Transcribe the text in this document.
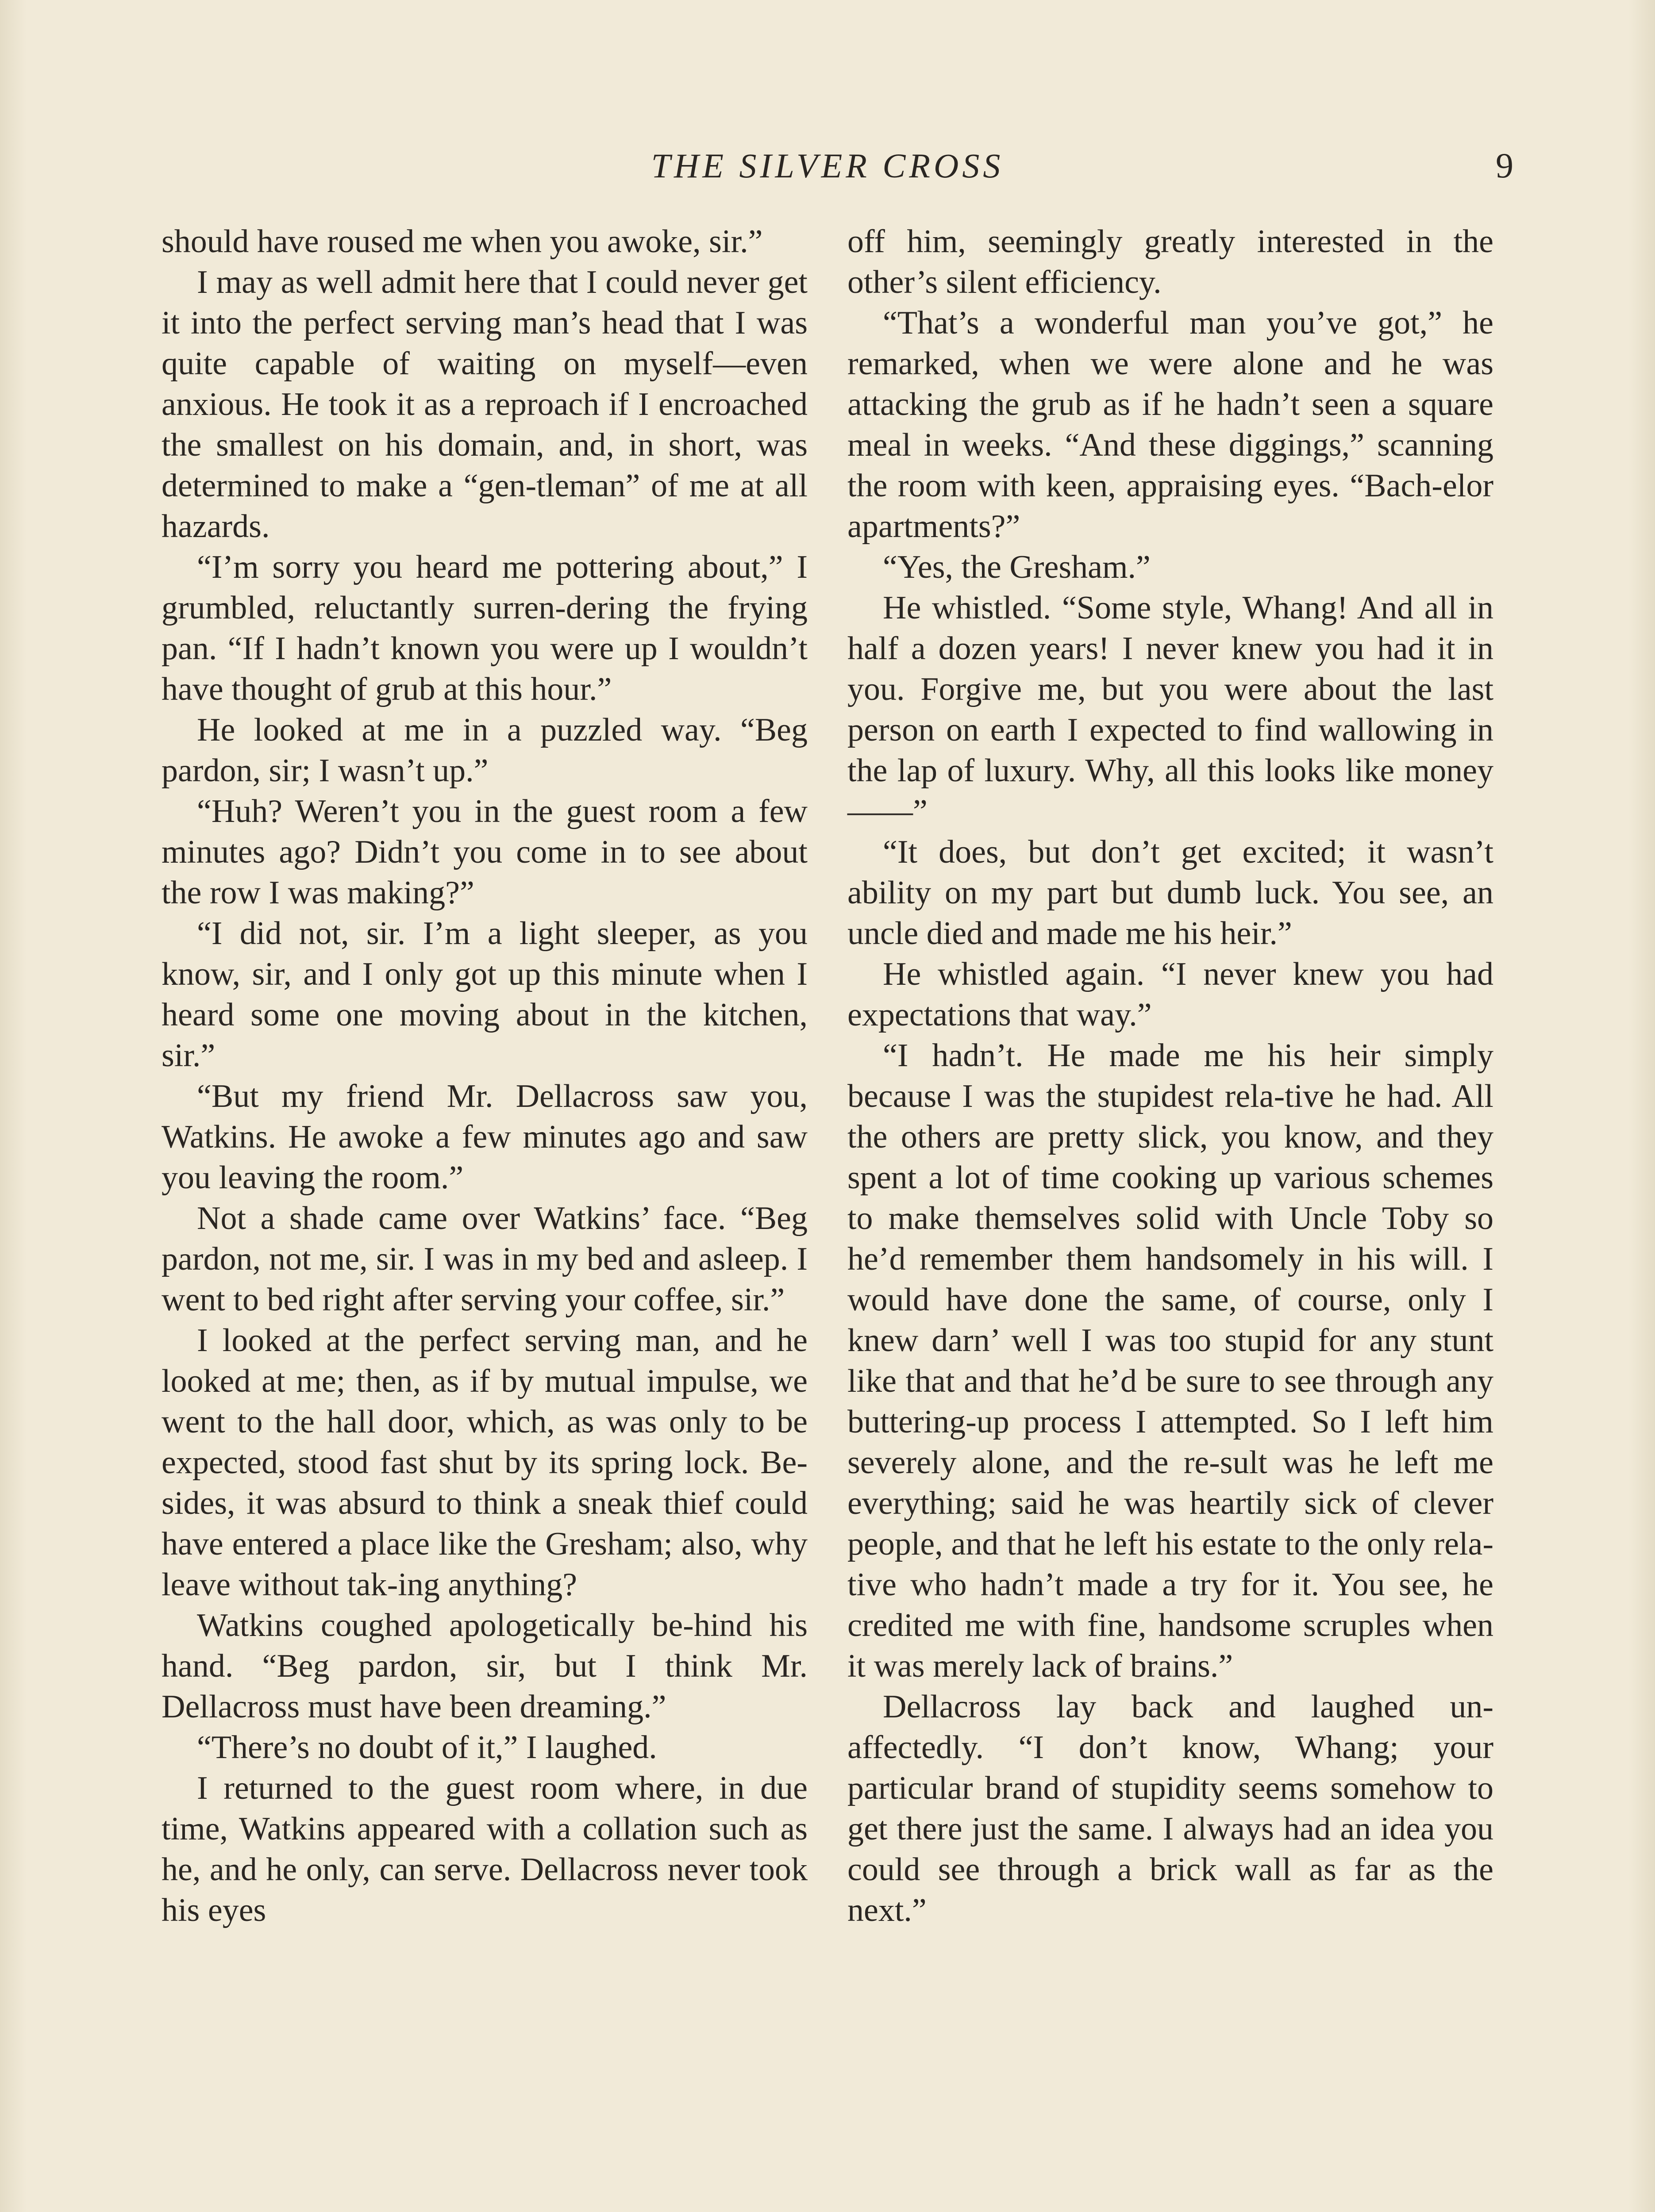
THE SILVER CROSS	9

should have roused me when you awoke, sir.”

I may as well admit here that I could never get it into the perfect serving man’s head that I was quite capable of waiting on myself—even anxious. He took it as a reproach if I encroached the smallest on his domain, and, in short, was determined to make a “gen-tleman” of me at all hazards.

“I’m sorry you heard me pottering about,” I grumbled, reluctantly surren-dering the frying pan. “If I hadn’t known you were up I wouldn’t have thought of grub at this hour.”

He looked at me in a puzzled way. “Beg pardon, sir; I wasn’t up.”

“Huh? Weren’t you in the guest room a few minutes ago? Didn’t you come in to see about the row I was making?”

“I did not, sir. I’m a light sleeper, as you know, sir, and I only got up this minute when I heard some one moving about in the kitchen, sir.”

“But my friend Mr. Dellacross saw you, Watkins. He awoke a few minutes ago and saw you leaving the room.”

Not a shade came over Watkins’ face. “Beg pardon, not me, sir. I was in my bed and asleep. I went to bed right after serving your coffee, sir.”

I looked at the perfect serving man, and he looked at me; then, as if by mutual impulse, we went to the hall door, which, as was only to be expected, stood fast shut by its spring lock. Be-sides, it was absurd to think a sneak thief could have entered a place like the Gresham; also, why leave without tak-ing anything?

Watkins coughed apologetically be-hind his hand. “Beg pardon, sir, but I think Mr. Dellacross must have been dreaming.”

“There’s no doubt of it,” I laughed.

I returned to the guest room where, in due time, Watkins appeared with a collation such as he, and he only, can serve. Dellacross never took his eyes

off him, seemingly greatly interested in the other’s silent efficiency.

“That’s a wonderful man you’ve got,” he remarked, when we were alone and he was attacking the grub as if he hadn’t seen a square meal in weeks. “And these diggings,” scanning the room with keen, appraising eyes. “Bach-elor apartments?”

“Yes, the Gresham.”

He whistled. “Some style, Whang! And all in half a dozen years! I never knew you had it in you. Forgive me, but you were about the last person on earth I expected to find wallowing in the lap of luxury. Why, all this looks like money——”

“It does, but don’t get excited; it wasn’t ability on my part but dumb luck. You see, an uncle died and made me his heir.”

He whistled again. “I never knew you had expectations that way.”

“I hadn’t. He made me his heir simply because I was the stupidest rela-tive he had. All the others are pretty slick, you know, and they spent a lot of time cooking up various schemes to make themselves solid with Uncle Toby so he’d remember them handsomely in his will. I would have done the same, of course, only I knew darn’ well I was too stupid for any stunt like that and that he’d be sure to see through any buttering-up process I attempted. So I left him severely alone, and the re-sult was he left me everything; said he was heartily sick of clever people, and that he left his estate to the only rela-tive who hadn’t made a try for it. You see, he credited me with fine, handsome scruples when it was merely lack of brains.”

Dellacross lay back and laughed un-affectedly. “I don’t know, Whang; your particular brand of stupidity seems somehow to get there just the same. I always had an idea you could see through a brick wall as far as the next.”
